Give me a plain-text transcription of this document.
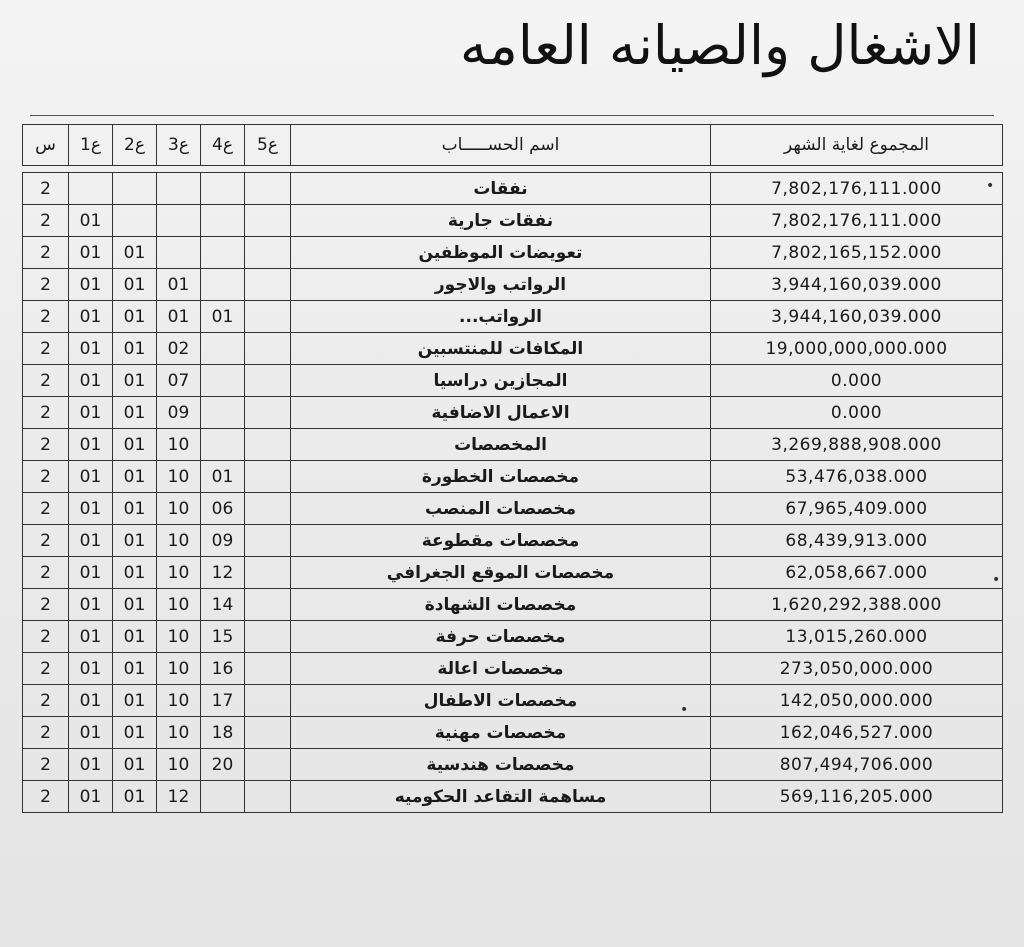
الاشغال والصيانه العامه
س	1ع	2ع	3ع	4ع	5ع	اسم الحســـــاب	المجموع لغاية الشهر

2						نفقات	7,802,176,111.000
2	01					نفقات جارية	7,802,176,111.000
2	01	01				تعويضات الموظفين	7,802,165,152.000
2	01	01	01			الرواتب والاجور	3,944,160,039.000
2	01	01	01	01		الرواتب...	3,944,160,039.000
2	01	01	02			المكافات للمنتسبين	19,000,000,000.000
2	01	01	07			المجازين دراسيا	0.000
2	01	01	09			الاعمال الاضافية	0.000
2	01	01	10			المخصصات	3,269,888,908.000
2	01	01	10	01		مخصصات الخطورة	53,476,038.000
2	01	01	10	06		مخصصات المنصب	67,965,409.000
2	01	01	10	09		مخصصات مقطوعة	68,439,913.000
2	01	01	10	12		مخصصات الموقع الجغرافي	62,058,667.000
2	01	01	10	14		مخصصات الشهادة	1,620,292,388.000
2	01	01	10	15		مخصصات حرفة	13,015,260.000
2	01	01	10	16		مخصصات اعالة	273,050,000.000
2	01	01	10	17		مخصصات الاطفال	142,050,000.000
2	01	01	10	18		مخصصات مهنية	162,046,527.000
2	01	01	10	20		مخصصات هندسية	807,494,706.000
2	01	01	12			مساهمة التقاعد الحكوميه	569,116,205.000
•
•
•
